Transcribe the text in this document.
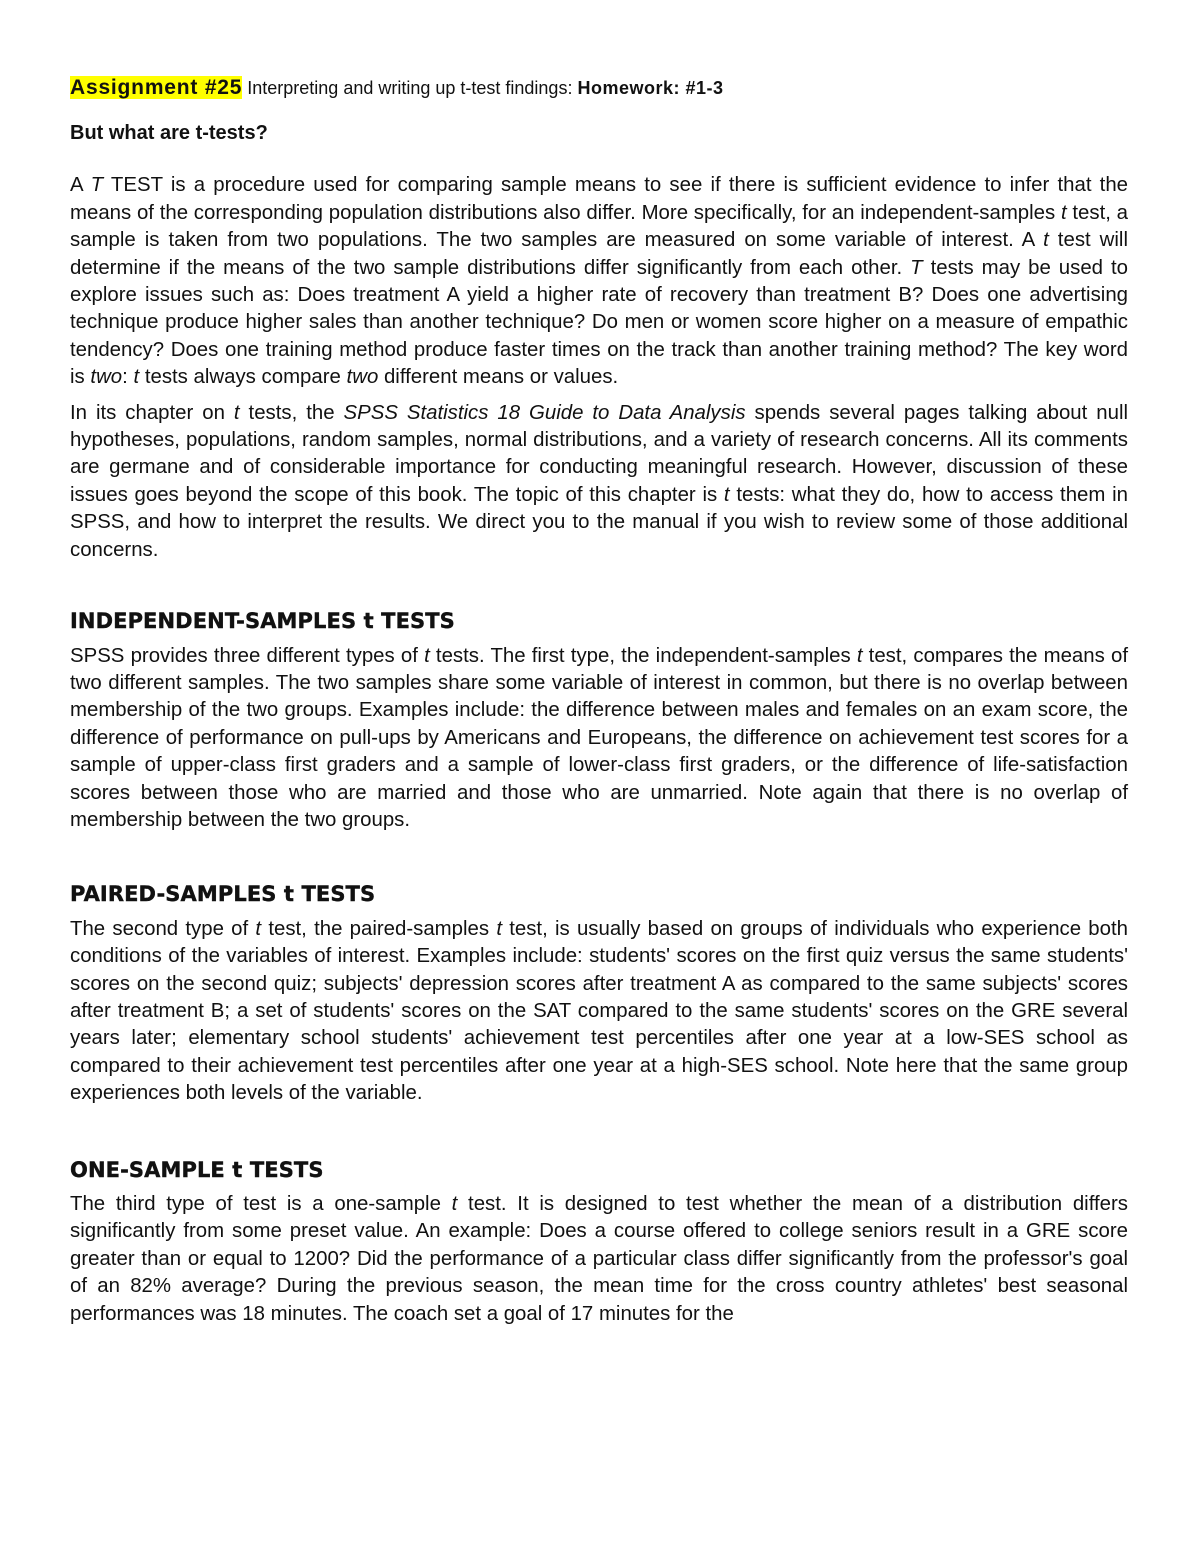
Assignment #25 Interpreting and writing up t-test findings: Homework: #1-3

But what are t-tests?

A T TEST is a procedure used for comparing sample means to see if there is sufficient evidence to infer that the means of the corresponding population distributions also differ. More specifically, for an independent-samples t test, a sample is taken from two populations. The two samples are measured on some variable of interest. A t test will determine if the means of the two sample distributions differ significantly from each other. T tests may be used to explore issues such as: Does treatment A yield a higher rate of recovery than treatment B? Does one advertising technique produce higher sales than another technique? Do men or women score higher on a measure of empathic tendency? Does one training method produce faster times on the track than another training method? The key word is two: t tests always compare two different means or values.

In its chapter on t tests, the SPSS Statistics 18 Guide to Data Analysis spends several pages talking about null hypotheses, populations, random samples, normal distributions, and a variety of research concerns. All its comments are germane and of considerable importance for conducting meaningful research. However, discussion of these issues goes beyond the scope of this book. The topic of this chapter is t tests: what they do, how to access them in SPSS, and how to interpret the results. We direct you to the manual if you wish to review some of those additional concerns.

INDEPENDENT-SAMPLES t TESTS

SPSS provides three different types of t tests. The first type, the independent-samples t test, compares the means of two different samples. The two samples share some variable of interest in common, but there is no overlap between membership of the two groups. Examples include: the difference between males and females on an exam score, the difference of performance on pull-ups by Americans and Europeans, the difference on achievement test scores for a sample of upper-class first graders and a sample of lower-class first graders, or the difference of life-satisfaction scores between those who are married and those who are unmarried. Note again that there is no overlap of membership between the two groups.

PAIRED-SAMPLES t TESTS

The second type of t test, the paired-samples t test, is usually based on groups of individuals who experience both conditions of the variables of interest. Examples include: students' scores on the first quiz versus the same students' scores on the second quiz; subjects' depression scores after treatment A as compared to the same subjects' scores after treatment B; a set of students' scores on the SAT compared to the same students' scores on the GRE several years later; elementary school students' achievement test percentiles after one year at a low-SES school as compared to their achievement test percentiles after one year at a high-SES school. Note here that the same group experiences both levels of the variable.

ONE-SAMPLE t TESTS

The third type of test is a one-sample t test. It is designed to test whether the mean of a distribution differs significantly from some preset value. An example: Does a course offered to college seniors result in a GRE score greater than or equal to 1200? Did the performance of a particular class differ significantly from the professor's goal of an 82% average? During the previous season, the mean time for the cross country athletes' best seasonal performances was 18 minutes. The coach set a goal of 17 minutes for the
